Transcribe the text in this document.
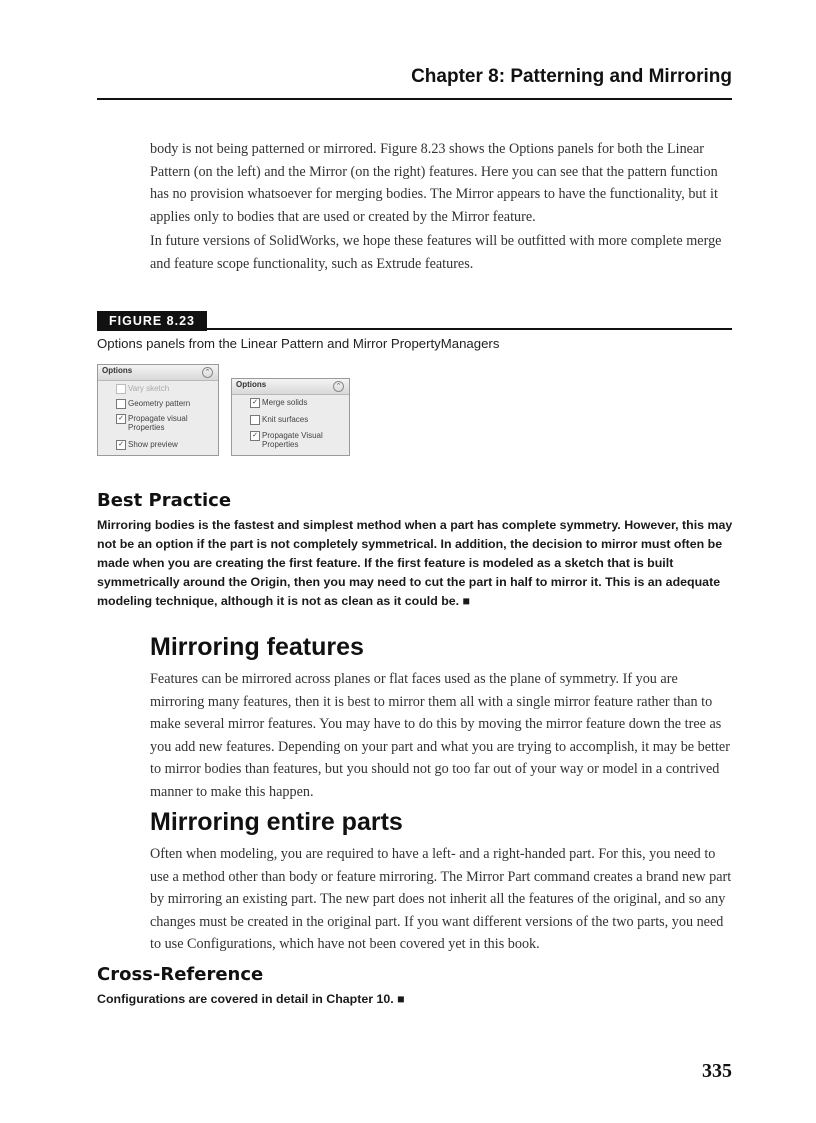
Chapter 8: Patterning and Mirroring
body is not being patterned or mirrored. Figure 8.23 shows the Options panels for both the Linear Pattern (on the left) and the Mirror (on the right) features. Here you can see that the pattern function has no provision whatsoever for merging bodies. The Mirror appears to have the functionality, but it applies only to bodies that are used or created by the Mirror feature.
In future versions of SolidWorks, we hope these features will be outfitted with more complete merge and feature scope functionality, such as Extrude features.
FIGURE 8.23
Options panels from the Linear Pattern and Mirror PropertyManagers
Options	⌃
Vary sketch
Geometry pattern
✓ Propagate visual
Properties
✓ Show preview
Options	⌃
✓ Merge solids
Knit surfaces
✓ Propagate Visual
Properties
Best Practice
Mirroring bodies is the fastest and simplest method when a part has complete symmetry. However, this may not be an option if the part is not completely symmetrical. In addition, the decision to mirror must often be made when you are creating the first feature. If the first feature is modeled as a sketch that is built symmetrically around the Origin, then you may need to cut the part in half to mirror it. This is an adequate modeling technique, although it is not as clean as it could be. ■
Mirroring features
Features can be mirrored across planes or flat faces used as the plane of symmetry. If you are mirroring many features, then it is best to mirror them all with a single mirror feature rather than to make several mirror features. You may have to do this by moving the mirror feature down the tree as you add new features. Depending on your part and what you are trying to accomplish, it may be better to mirror bodies than features, but you should not go too far out of your way or model in a contrived manner to make this happen.
Mirroring entire parts
Often when modeling, you are required to have a left- and a right-handed part. For this, you need to use a method other than body or feature mirroring. The Mirror Part command creates a brand new part by mirroring an existing part. The new part does not inherit all the features of the original, and so any changes must be created in the original part. If you want different versions of the two parts, you need to use Configurations, which have not been covered yet in this book.
Cross-Reference
Configurations are covered in detail in Chapter 10. ■
335
